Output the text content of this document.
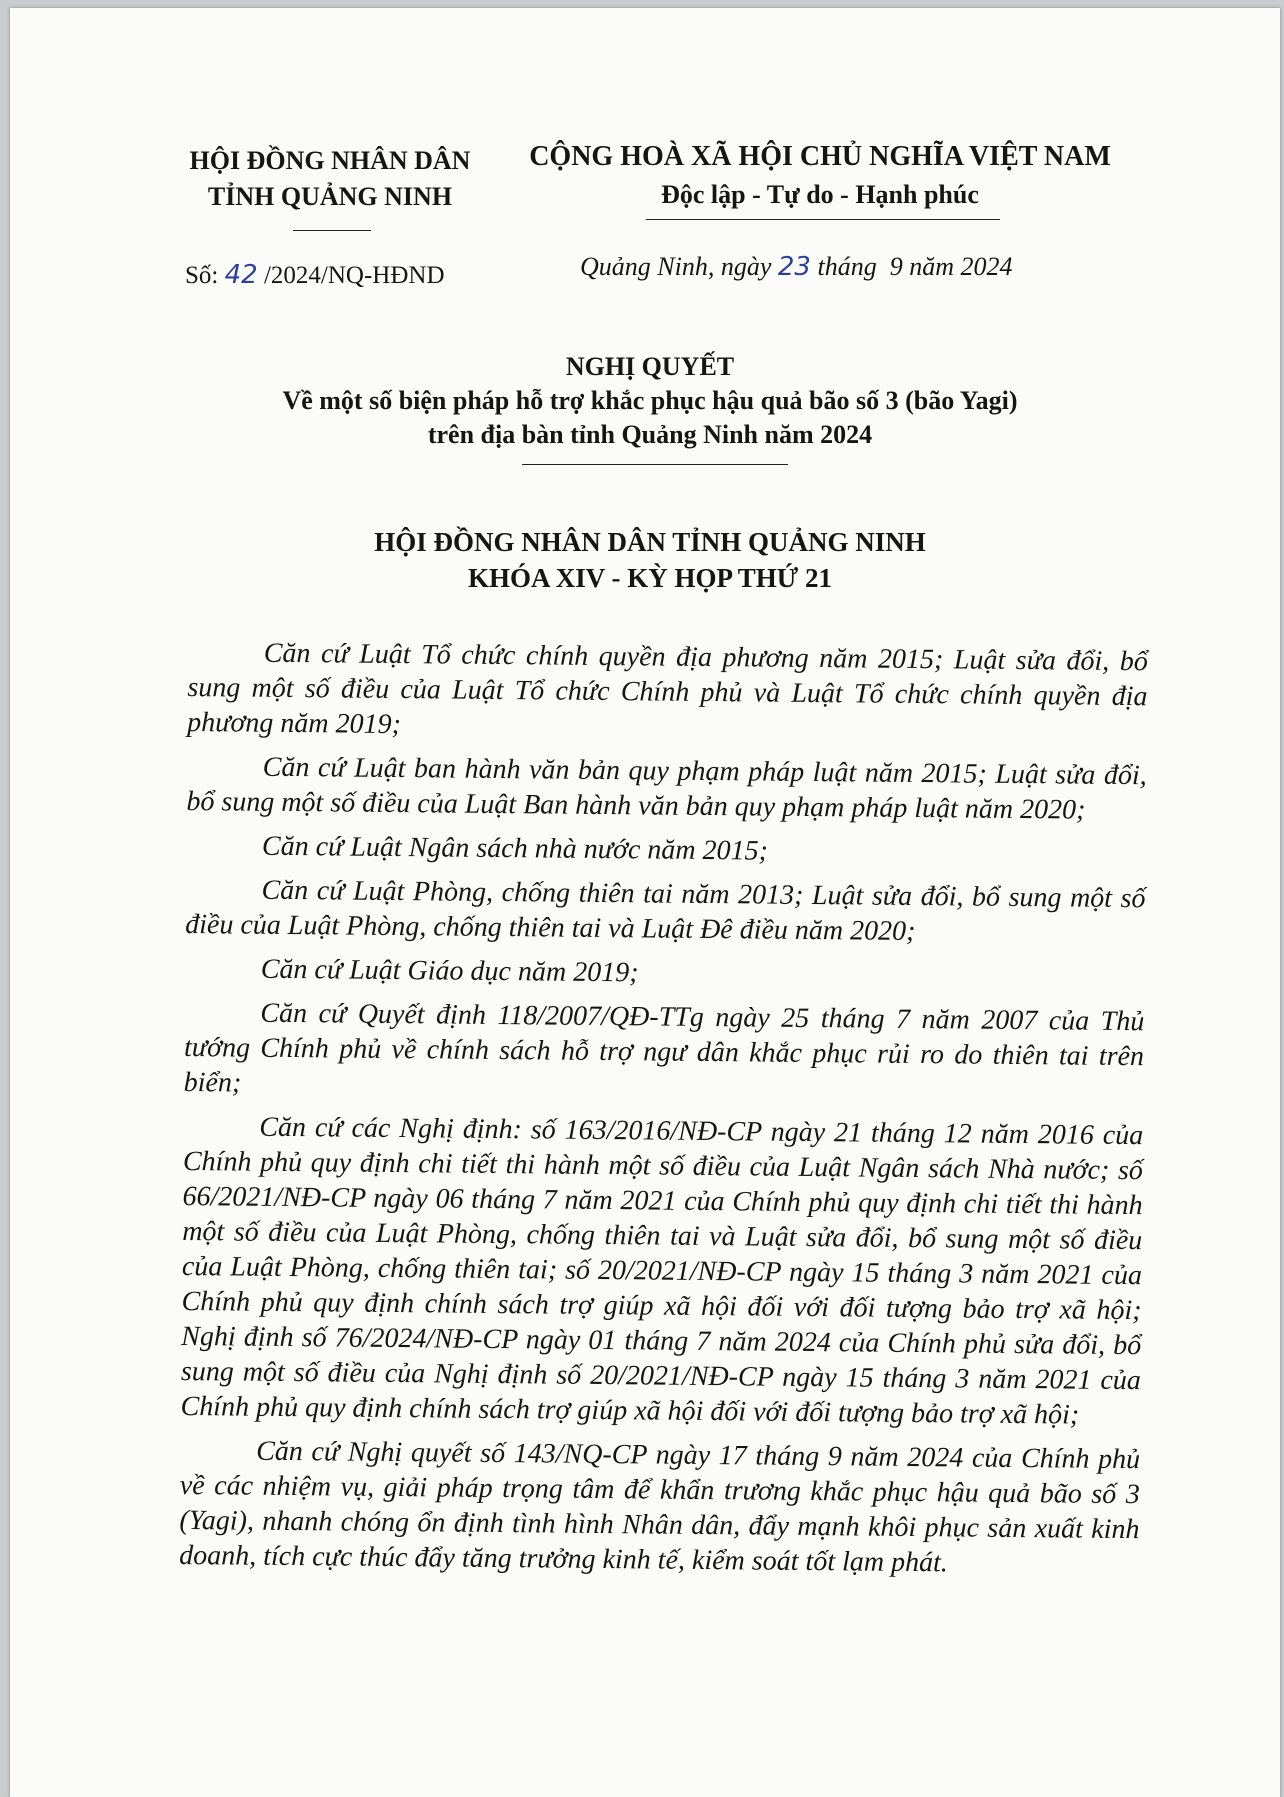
HỘI ĐỒNG NHÂN DÂN
TỈNH QUẢNG NINH
CỘNG HOÀ XÃ HỘI CHỦ NGHĨA VIỆT NAM
Độc lập - Tự do - Hạnh phúc
Số: 42 /2024/NQ-HĐND	Quảng Ninh, ngày 23 tháng  9 năm 2024
NGHỊ QUYẾT
Về một số biện pháp hỗ trợ khắc phục hậu quả bão số 3 (bão Yagi)
trên địa bàn tỉnh Quảng Ninh năm 2024
HỘI ĐỒNG NHÂN DÂN TỈNH QUẢNG NINH
KHÓA XIV - KỲ HỌP THỨ 21

Căn cứ Luật Tổ chức chính quyền địa phương năm 2015; Luật sửa đổi, bổ sung một số điều của Luật Tổ chức Chính phủ và Luật Tổ chức chính quyền địa phương năm 2019;

Căn cứ Luật ban hành văn bản quy phạm pháp luật năm 2015; Luật sửa đổi, bổ sung một số điều của Luật Ban hành văn bản quy phạm pháp luật năm 2020;

Căn cứ Luật Ngân sách nhà nước năm 2015;

Căn cứ Luật Phòng, chống thiên tai năm 2013; Luật sửa đổi, bổ sung một số điều của Luật Phòng, chống thiên tai và Luật Đê điều năm 2020;

Căn cứ Luật Giáo dục năm 2019;

Căn cứ Quyết định 118/2007/QĐ-TTg ngày 25 tháng 7 năm 2007 của Thủ tướng Chính phủ về chính sách hỗ trợ ngư dân khắc phục rủi ro do thiên tai trên biển;

Căn cứ các Nghị định: số 163/2016/NĐ-CP ngày 21 tháng 12 năm 2016 của Chính phủ quy định chi tiết thi hành một số điều của Luật Ngân sách Nhà nước; số 66/2021/NĐ-CP ngày 06 tháng 7 năm 2021 của Chính phủ quy định chi tiết thi hành một số điều của Luật Phòng, chống thiên tai và Luật sửa đổi, bổ sung một số điều của Luật Phòng, chống thiên tai; số 20/2021/NĐ-CP ngày 15 tháng 3 năm 2021 của Chính phủ quy định chính sách trợ giúp xã hội đối với đối tượng bảo trợ xã hội; Nghị định số 76/2024/NĐ-CP ngày 01 tháng 7 năm 2024 của Chính phủ sửa đổi, bổ sung một số điều của Nghị định số 20/2021/NĐ-CP ngày 15 tháng 3 năm 2021 của Chính phủ quy định chính sách trợ giúp xã hội đối với đối tượng bảo trợ xã hội;

Căn cứ Nghị quyết số 143/NQ-CP ngày 17 tháng 9 năm 2024 của Chính phủ về các nhiệm vụ, giải pháp trọng tâm để khẩn trương khắc phục hậu quả bão số 3 (Yagi), nhanh chóng ổn định tình hình Nhân dân, đẩy mạnh khôi phục sản xuất kinh doanh, tích cực thúc đẩy tăng trưởng kinh tế, kiểm soát tốt lạm phát.
